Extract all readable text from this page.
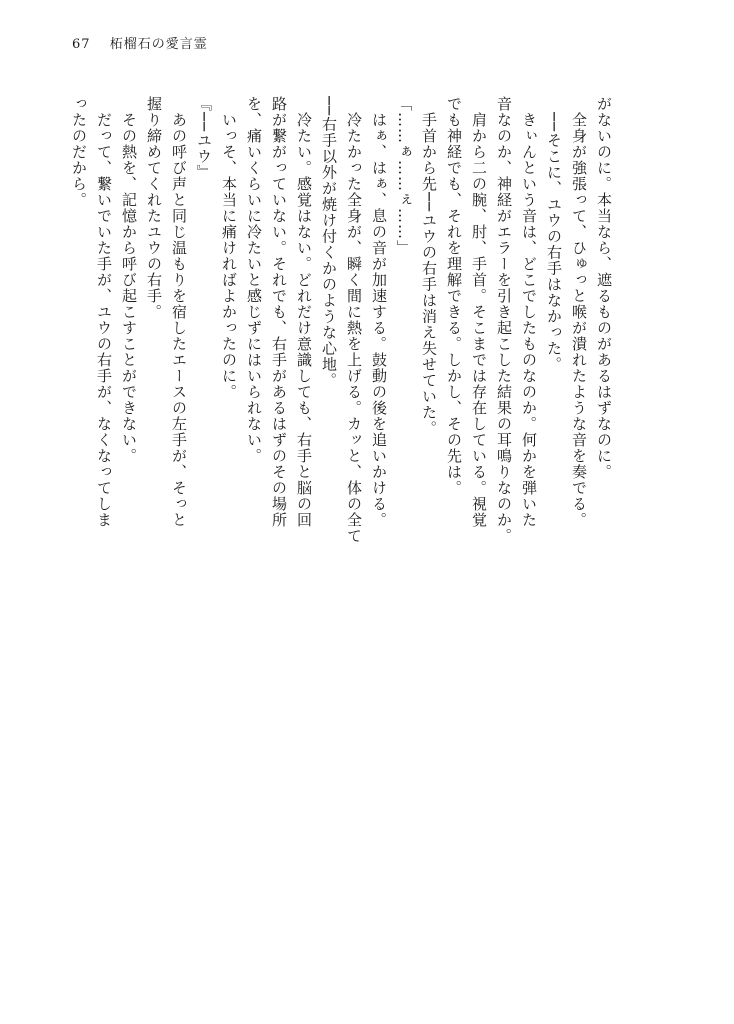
67 柘榴石の愛言霊
がないのに。本当なら、遮るものがあるはずなのに。
　全身が強張って、ひゅっと喉が潰れたような音を奏でる。
　──そこに、ユウの右手はなかった。
　きぃんという音は、どこでしたものなのか。何かを弾いた
音なのか、神経がエラーを引き起こした結果の耳鳴りなのか。
　肩から二の腕、肘、手首。そこまでは存在している。視覚
でも神経でも、それを理解できる。しかし、その先は。
　手首から先──ユウの右手は消え失せていた。
「……ぁ……ぇ……」
　はぁ、はぁ、息の音が加速する。鼓動の後を追いかける。
　冷たかった全身が、瞬く間に熱を上げる。カッと、体の全て
──右手以外が焼け付くかのような心地。
　冷たい。感覚はない。どれだけ意識しても、右手と脳の回
路が繋がっていない。それでも、右手があるはずのその場所
を、痛いくらいに冷たいと感じずにはいられない。
　いっそ、本当に痛ければよかったのに。
『──ユウ』
　あの呼び声と同じ温もりを宿したエースの左手が、そっと
握り締めてくれたユウの右手。
　その熱を、記憶から呼び起こすことができない。
　だって、繋いでいた手が、ユウの右手が、なくなってしま
ったのだから。
